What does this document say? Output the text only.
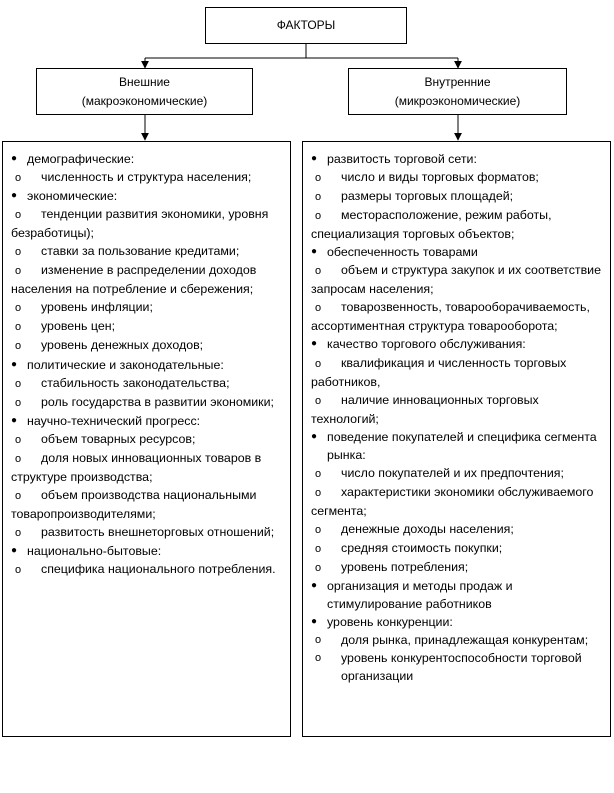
ФАКТОРЫ
Внешние
(макроэкономические)
Внутренние
(микроэкономические)
● демографические:
o численность и структура населения;
● экономические:
o тенденции развития экономики, уровня безработицы);
o ставки за пользование кредитами;
o изменение в распределении доходов населения на потребление и сбережения;
o уровень инфляции;
o уровень цен;
o уровень денежных доходов;
● политические и законодательные:
o стабильность законодательства;
o роль государства в развитии экономики;
● научно-технический прогресс:
o объем товарных ресурсов;
o доля новых инновационных товаров в структуре производства;
o объем производства национальными товаропроизводителями;
o развитость внешнеторговых отношений;
● национально-бытовые:
o специфика национального потребления.
● развитость торговой сети:
o число и виды торговых форматов;
o размеры торговых площадей;
o месторасположение, режим работы, специализация торговых объектов;
● обеспеченность товарами
o объем и структура закупок и их соответствие запросам населения;
o товарозвенность, товарооборачиваемость, ассортиментная структура товарооборота;
● качество торгового обслуживания:
o квалификация и численность торговых работников,
o наличие инновационных торговых технологий;
● поведение покупателей и специфика сегмента рынка:
o число покупателей и их предпочтения;
o характеристики экономики обслуживаемого сегмента;
o денежные доходы населения;
o средняя стоимость покупки;
o уровень потребления;
● организация и методы продаж и стимулирование работников
● уровень конкуренции:
o	доля рынка, принадлежащая конкурентам;
o	уровень конкурентоспособности торговой организации
